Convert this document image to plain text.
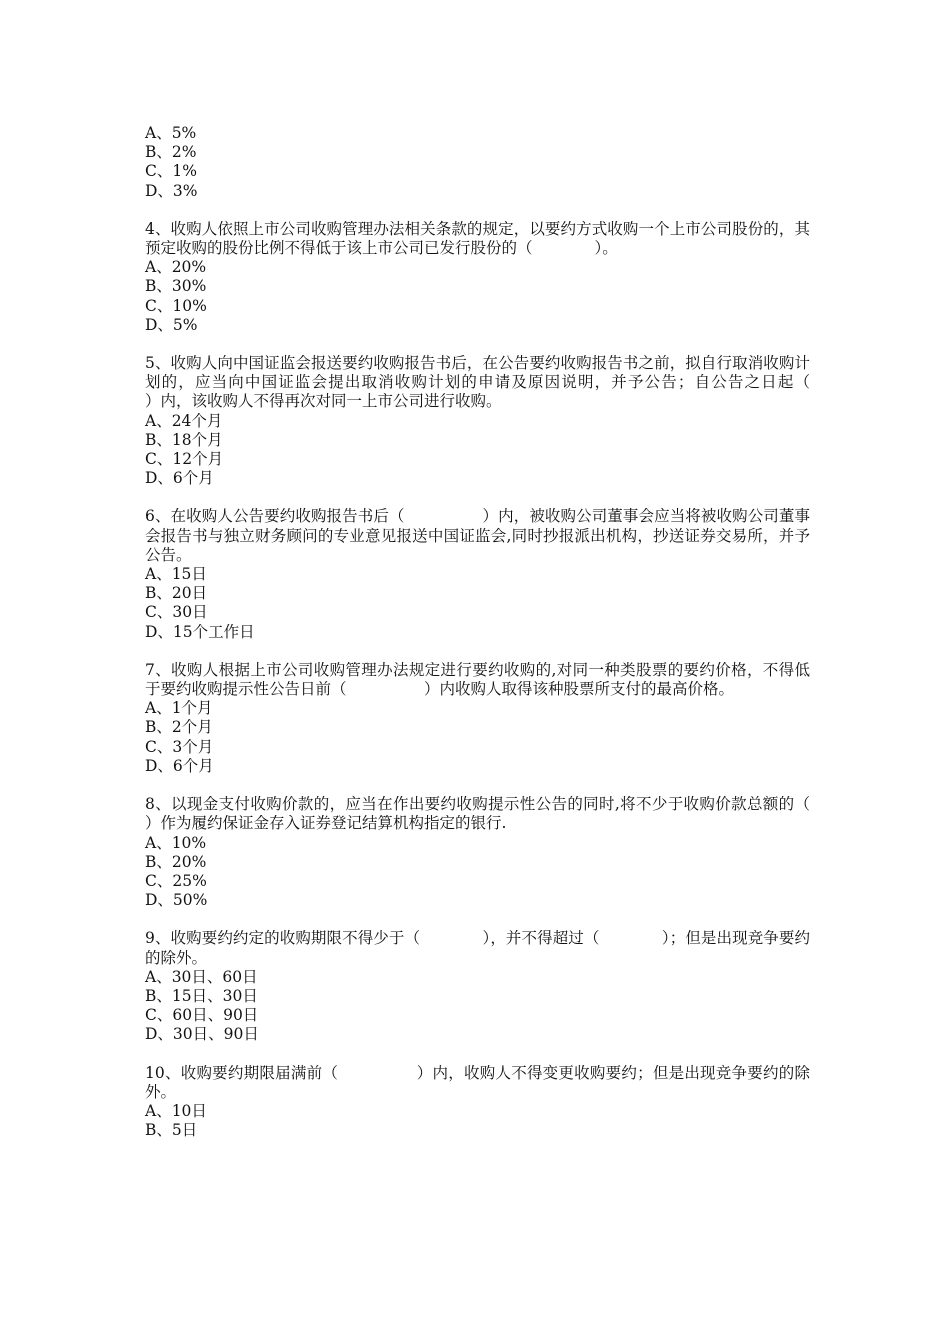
A、5%
B、2%
C、1%
D、3%
4、收购人依照上市公司收购管理办法相关条款的规定，以要约方式收购一个上市公司股份的，其预定收购的股份比例不得低于该上市公司已发行股份的（　　　　）。
A、20%
B、30%
C、10%
D、5%
5、收购人向中国证监会报送要约收购报告书后，在公告要约收购报告书之前，拟自行取消收购计划的，应当向中国证监会提出取消收购计划的申请及原因说明，并予公告；自公告之日起（　　　　　）内，该收购人不得再次对同一上市公司进行收购。
A、24个月
B、18个月
C、12个月
D、6个月
6、在收购人公告要约收购报告书后（　　　　　）内，被收购公司董事会应当将被收购公司董事会报告书与独立财务顾问的专业意见报送中国证监会,同时抄报派出机构，抄送证券交易所，并予公告。
A、15日
B、20日
C、30日
D、15个工作日
7、收购人根据上市公司收购管理办法规定进行要约收购的,对同一种类股票的要约价格，不得低于要约收购提示性公告日前（　　　　　）内收购人取得该种股票所支付的最高价格。
A、1个月
B、2个月
C、3个月
D、6个月
8、以现金支付收购价款的，应当在作出要约收购提示性公告的同时,将不少于收购价款总额的（　　　　　）作为履约保证金存入证券登记结算机构指定的银行.
A、10%
B、20%
C、25%
D、50%
9、收购要约约定的收购期限不得少于（　　　　），并不得超过（　　　　）；但是出现竞争要约的除外。
A、30日、60日
B、15日、30日
C、60日、90日
D、30日、90日
10、收购要约期限届满前（　　　　　）内，收购人不得变更收购要约；但是出现竞争要约的除外。
A、10日
B、5日
